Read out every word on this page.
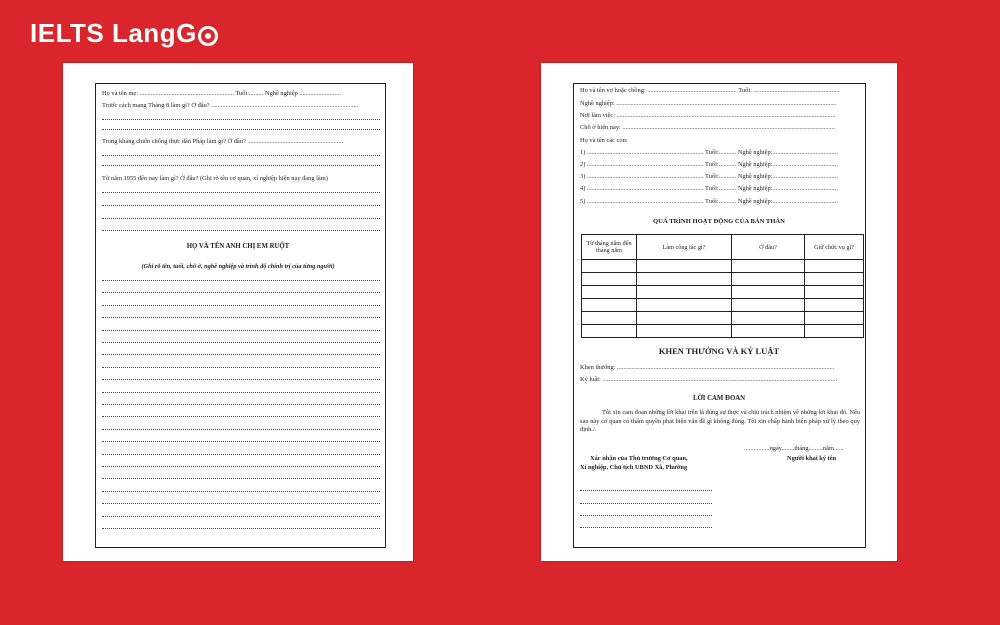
IELTS LangG
Họ và tên mẹ: ........................................................... Tuổi:......... Nghề nghiệp ..........................
Trước cách mạng Tháng 8 làm gì? Ở đâu? ............................................................................................
Trong kháng chiến chống thực dân Pháp làm gì? Ở đâu? ............................................................
Từ năm 1955 đến nay làm gì? Ở đâu? (Ghi rõ tên cơ quan, xí nghiệp hiện nay đang làm)
HỌ VÀ TÊN ANH CHỊ EM RUỘT
(Ghi rõ tên, tuổi, chỗ ở, nghề nghiệp và trình độ chính trị của từng người)
Họ và tên vợ hoặc chồng: ........................................................ Tuổi: ......................................................
Nghề nghiệp: ..........................................................................................................................................
Nơi làm việc: .........................................................................................................................................
Chỗ ở hiện nay: .....................................................................................................................................
Họ và tên các con:
1) ......................................................................... Tuổi:........... Nghề nghiệp:.........................................
2) ......................................................................... Tuổi:........... Nghề nghiệp:.........................................
3) ......................................................................... Tuổi:........... Nghề nghiệp:.........................................
4) ......................................................................... Tuổi:........... Nghề nghiệp:.........................................
5) ......................................................................... Tuổi:........... Nghề nghiệp:.........................................
QUÁ TRÌNH HOẠT ĐỘNG CỦA BẢN THÂN
Từ tháng năm đến tháng năm	Làm công tác gì?	Ở đâu?	Giữ chức vụ gì?

KHEN THƯỞNG VÀ KỶ LUẬT
Khen thưởng: ........................................................................................................................................
Kỷ luật: ...................................................................................................................................................
LỜI CAM ĐOAN
Tôi xin cam đoan những lời khai trên là đúng sự thực và chịu trách nhiệm về những lời khai đó. Nếu sau này cơ quan có thẩm quyền phát hiện vấn đề gì không đúng. Tôi xin chấp hành biện pháp xử lý theo quy định./.
................ngày........tháng.........năm......
Xác nhận của Thủ trưởng Cơ quan,
Xí nghiệp, Chủ tịch UBND Xã, Phường
Người khai ký tên
